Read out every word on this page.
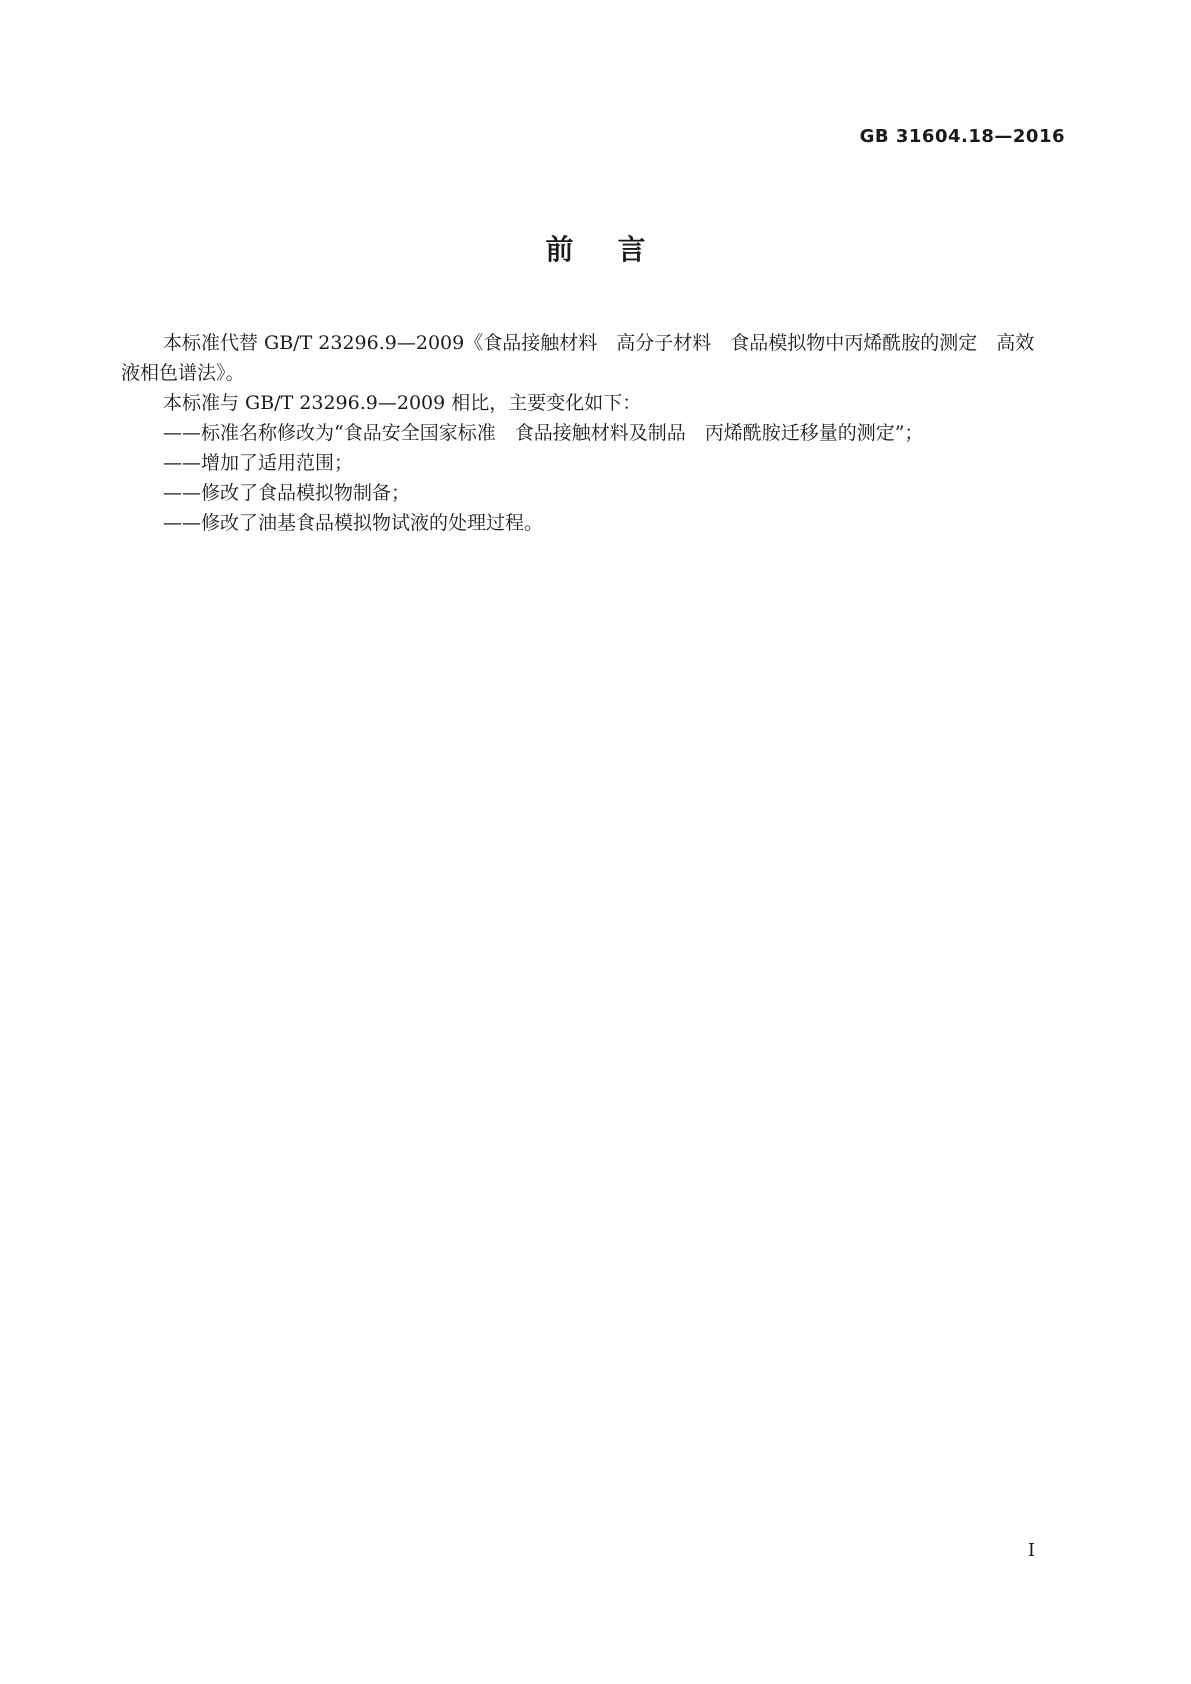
GB 31604.18—2016
前言

本标准代替 GB/T 23296.9—2009《食品接触材料　高分子材料　食品模拟物中丙烯酰胺的测定　高效液相色谱法》。

本标准与 GB/T 23296.9—2009 相比，主要变化如下：

——标准名称修改为“食品安全国家标准　食品接触材料及制品　丙烯酰胺迁移量的测定”；
——增加了适用范围；
——修改了食品模拟物制备；
——修改了油基食品模拟物试液的处理过程。
I
